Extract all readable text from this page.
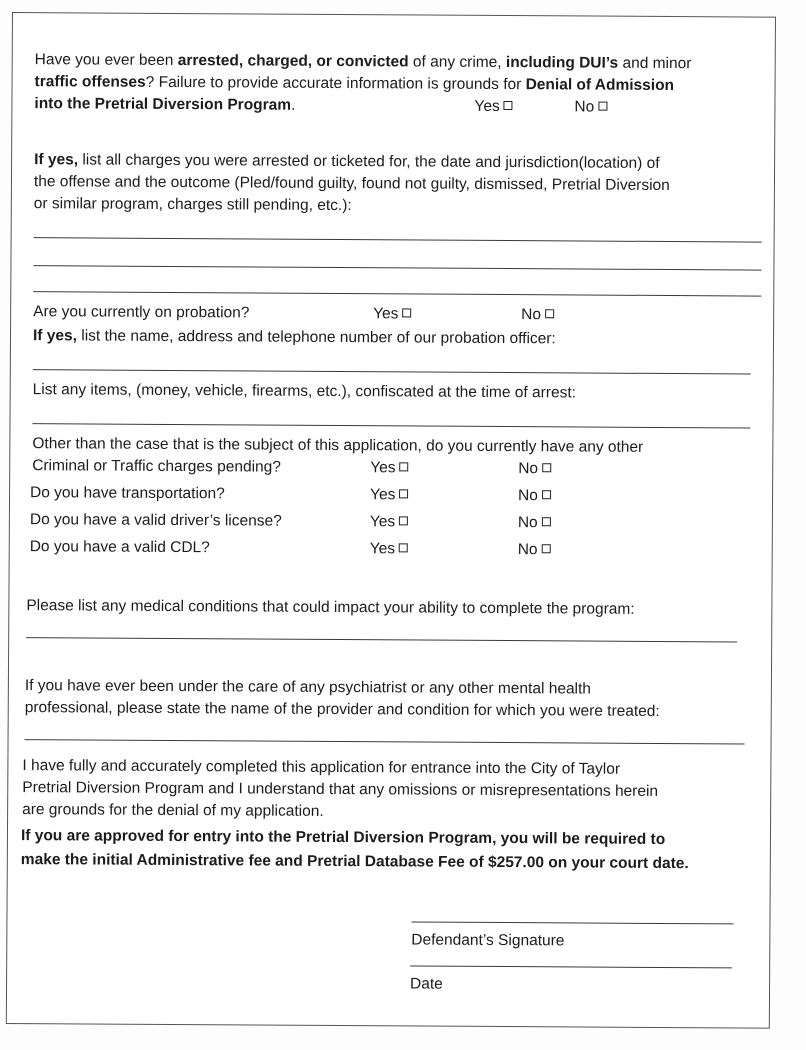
Have you ever been arrested, charged, or convicted of any crime, including DUI’s and minor
traffic offenses? Failure to provide accurate information is grounds for Denial of Admission
into the Pretrial Diversion Program.	Yes	No
If yes, list all charges you were arrested or ticketed for, the date and jurisdiction(location) of
the offense and the outcome (Pled/found guilty, found not guilty, dismissed, Pretrial Diversion
or similar program, charges still pending, etc.):
Are you currently on probation?	Yes	No
If yes, list the name, address and telephone number of our probation officer:
List any items, (money, vehicle, firearms, etc.), confiscated at the time of arrest:
Other than the case that is the subject of this application, do you currently have any other
Criminal or Traffic charges pending?	Yes	No
Do you have transportation?	Yes	No
Do you have a valid driver’s license?	Yes	No
Do you have a valid CDL?	Yes	No
Please list any medical conditions that could impact your ability to complete the program:
If you have ever been under the care of any psychiatrist or any other mental health
professional, please state the name of the provider and condition for which you were treated:
I have fully and accurately completed this application for entrance into the City of Taylor
Pretrial Diversion Program and I understand that any omissions or misrepresentations herein
are grounds for the denial of my application.
If you are approved for entry into the Pretrial Diversion Program, you will be required to
make the initial Administrative fee and Pretrial Database Fee of $257.00 on your court date.
Defendant’s Signature
Date
